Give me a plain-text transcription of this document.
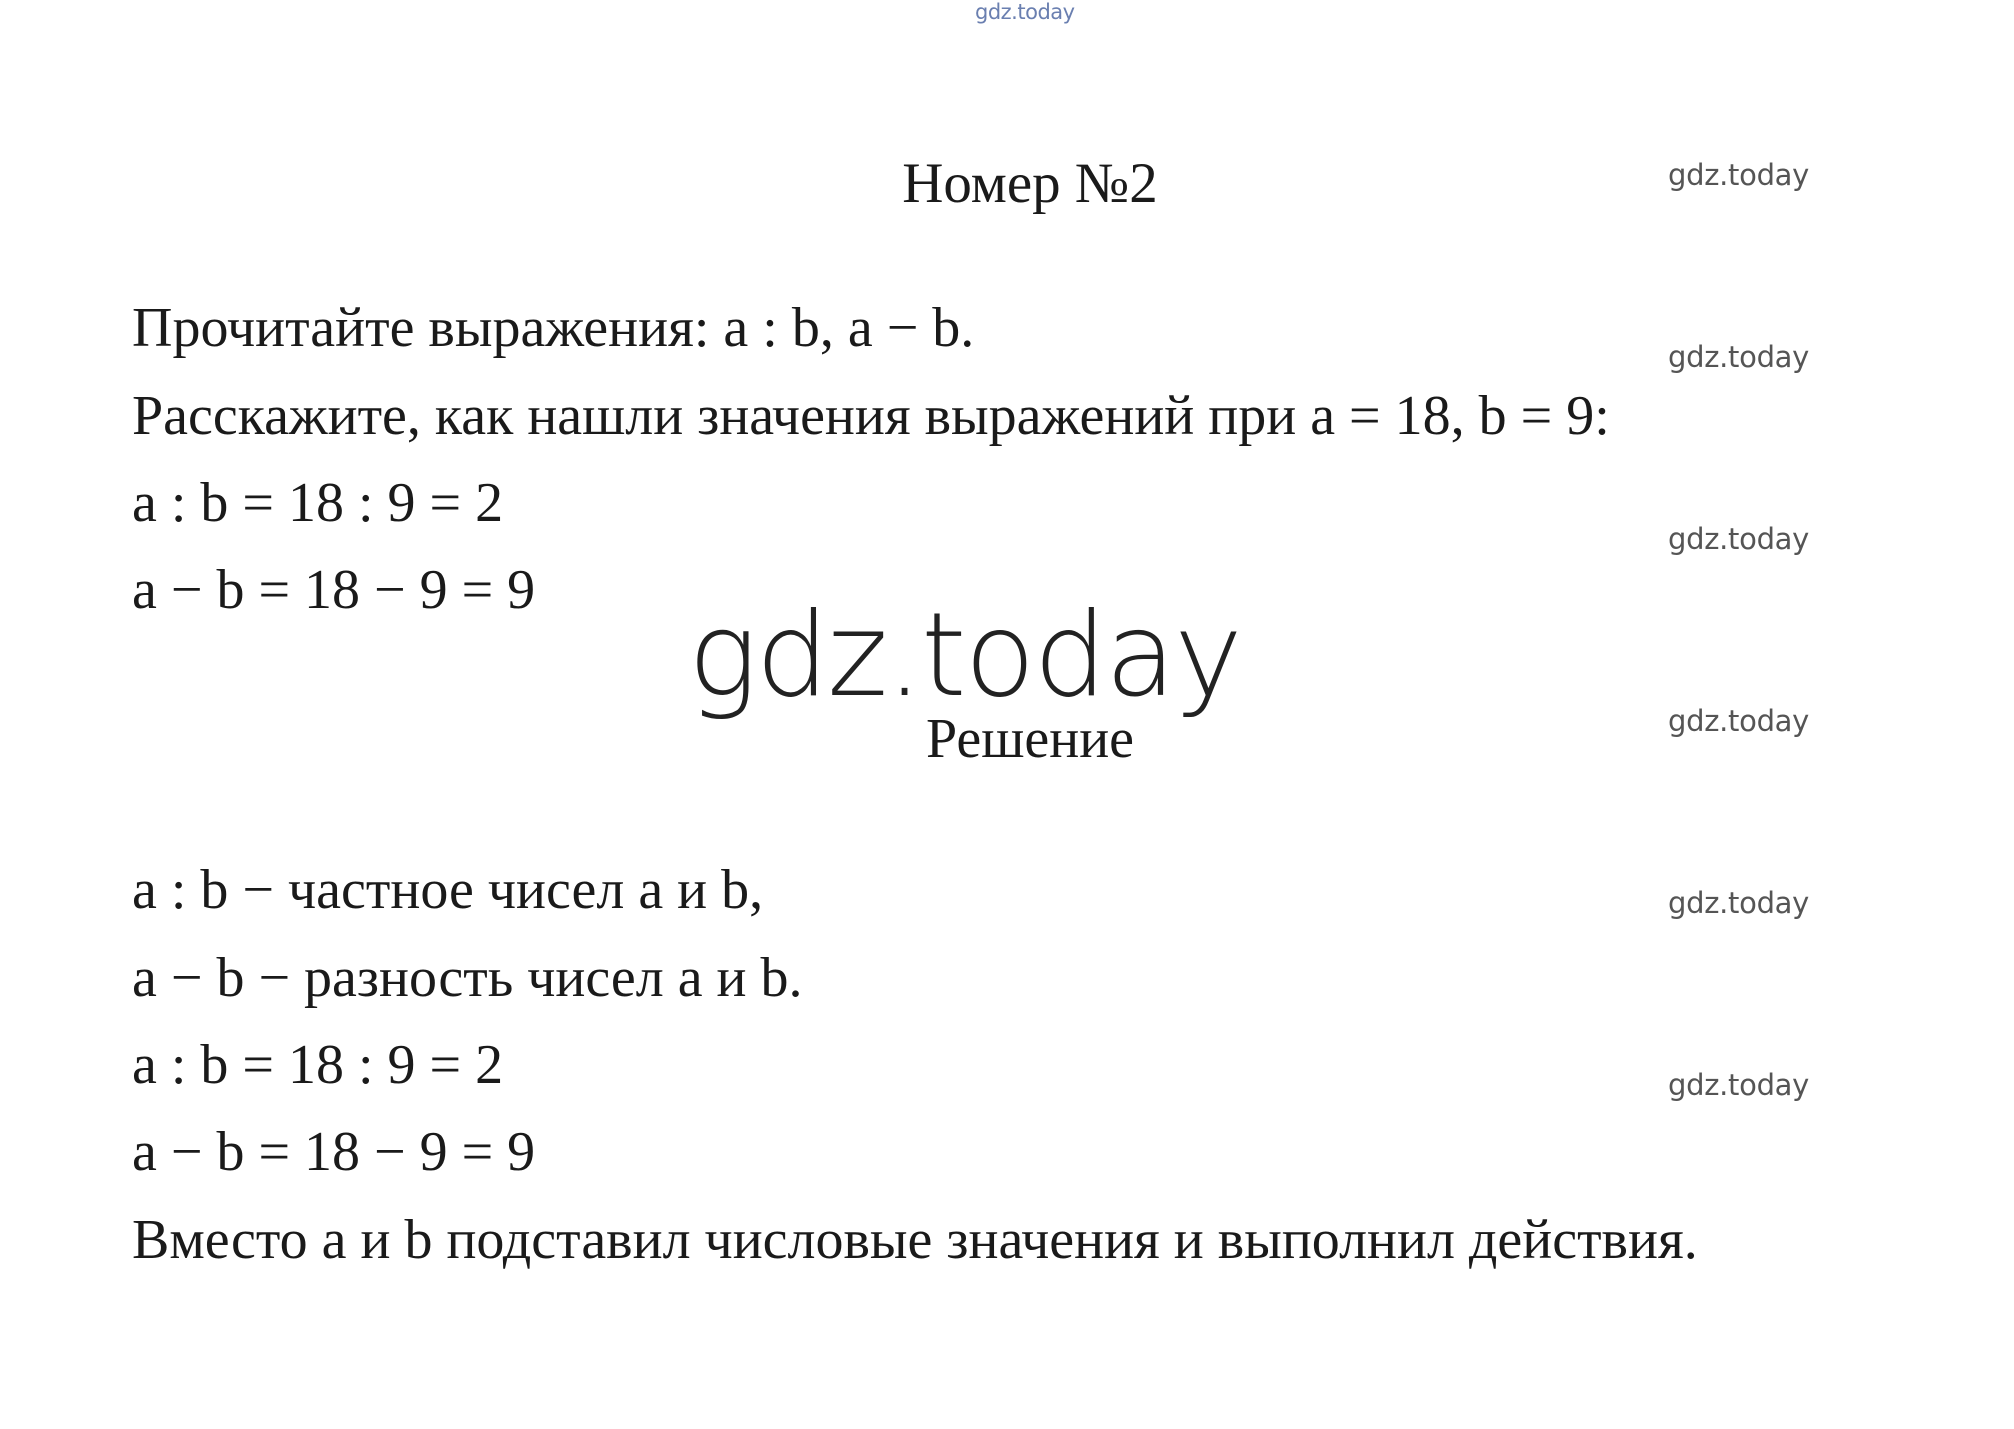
gdz.today
gdz.today
gdz.today
gdz.today
gdz.today
gdz.today
gdz.today
Номер №2
Прочитайте выражения: a : b, a − b.
Расскажите, как нашли значения выражений при a = 18, b = 9:
a : b = 18 : 9 = 2
a − b = 18 − 9 = 9 gdz.today
Решение
a : b − частное чисел a и b,
a − b − разность чисел a и b.
a : b = 18 : 9 = 2
a − b = 18 − 9 = 9
Вместо a и b подставил числовые значения и выполнил действия.
